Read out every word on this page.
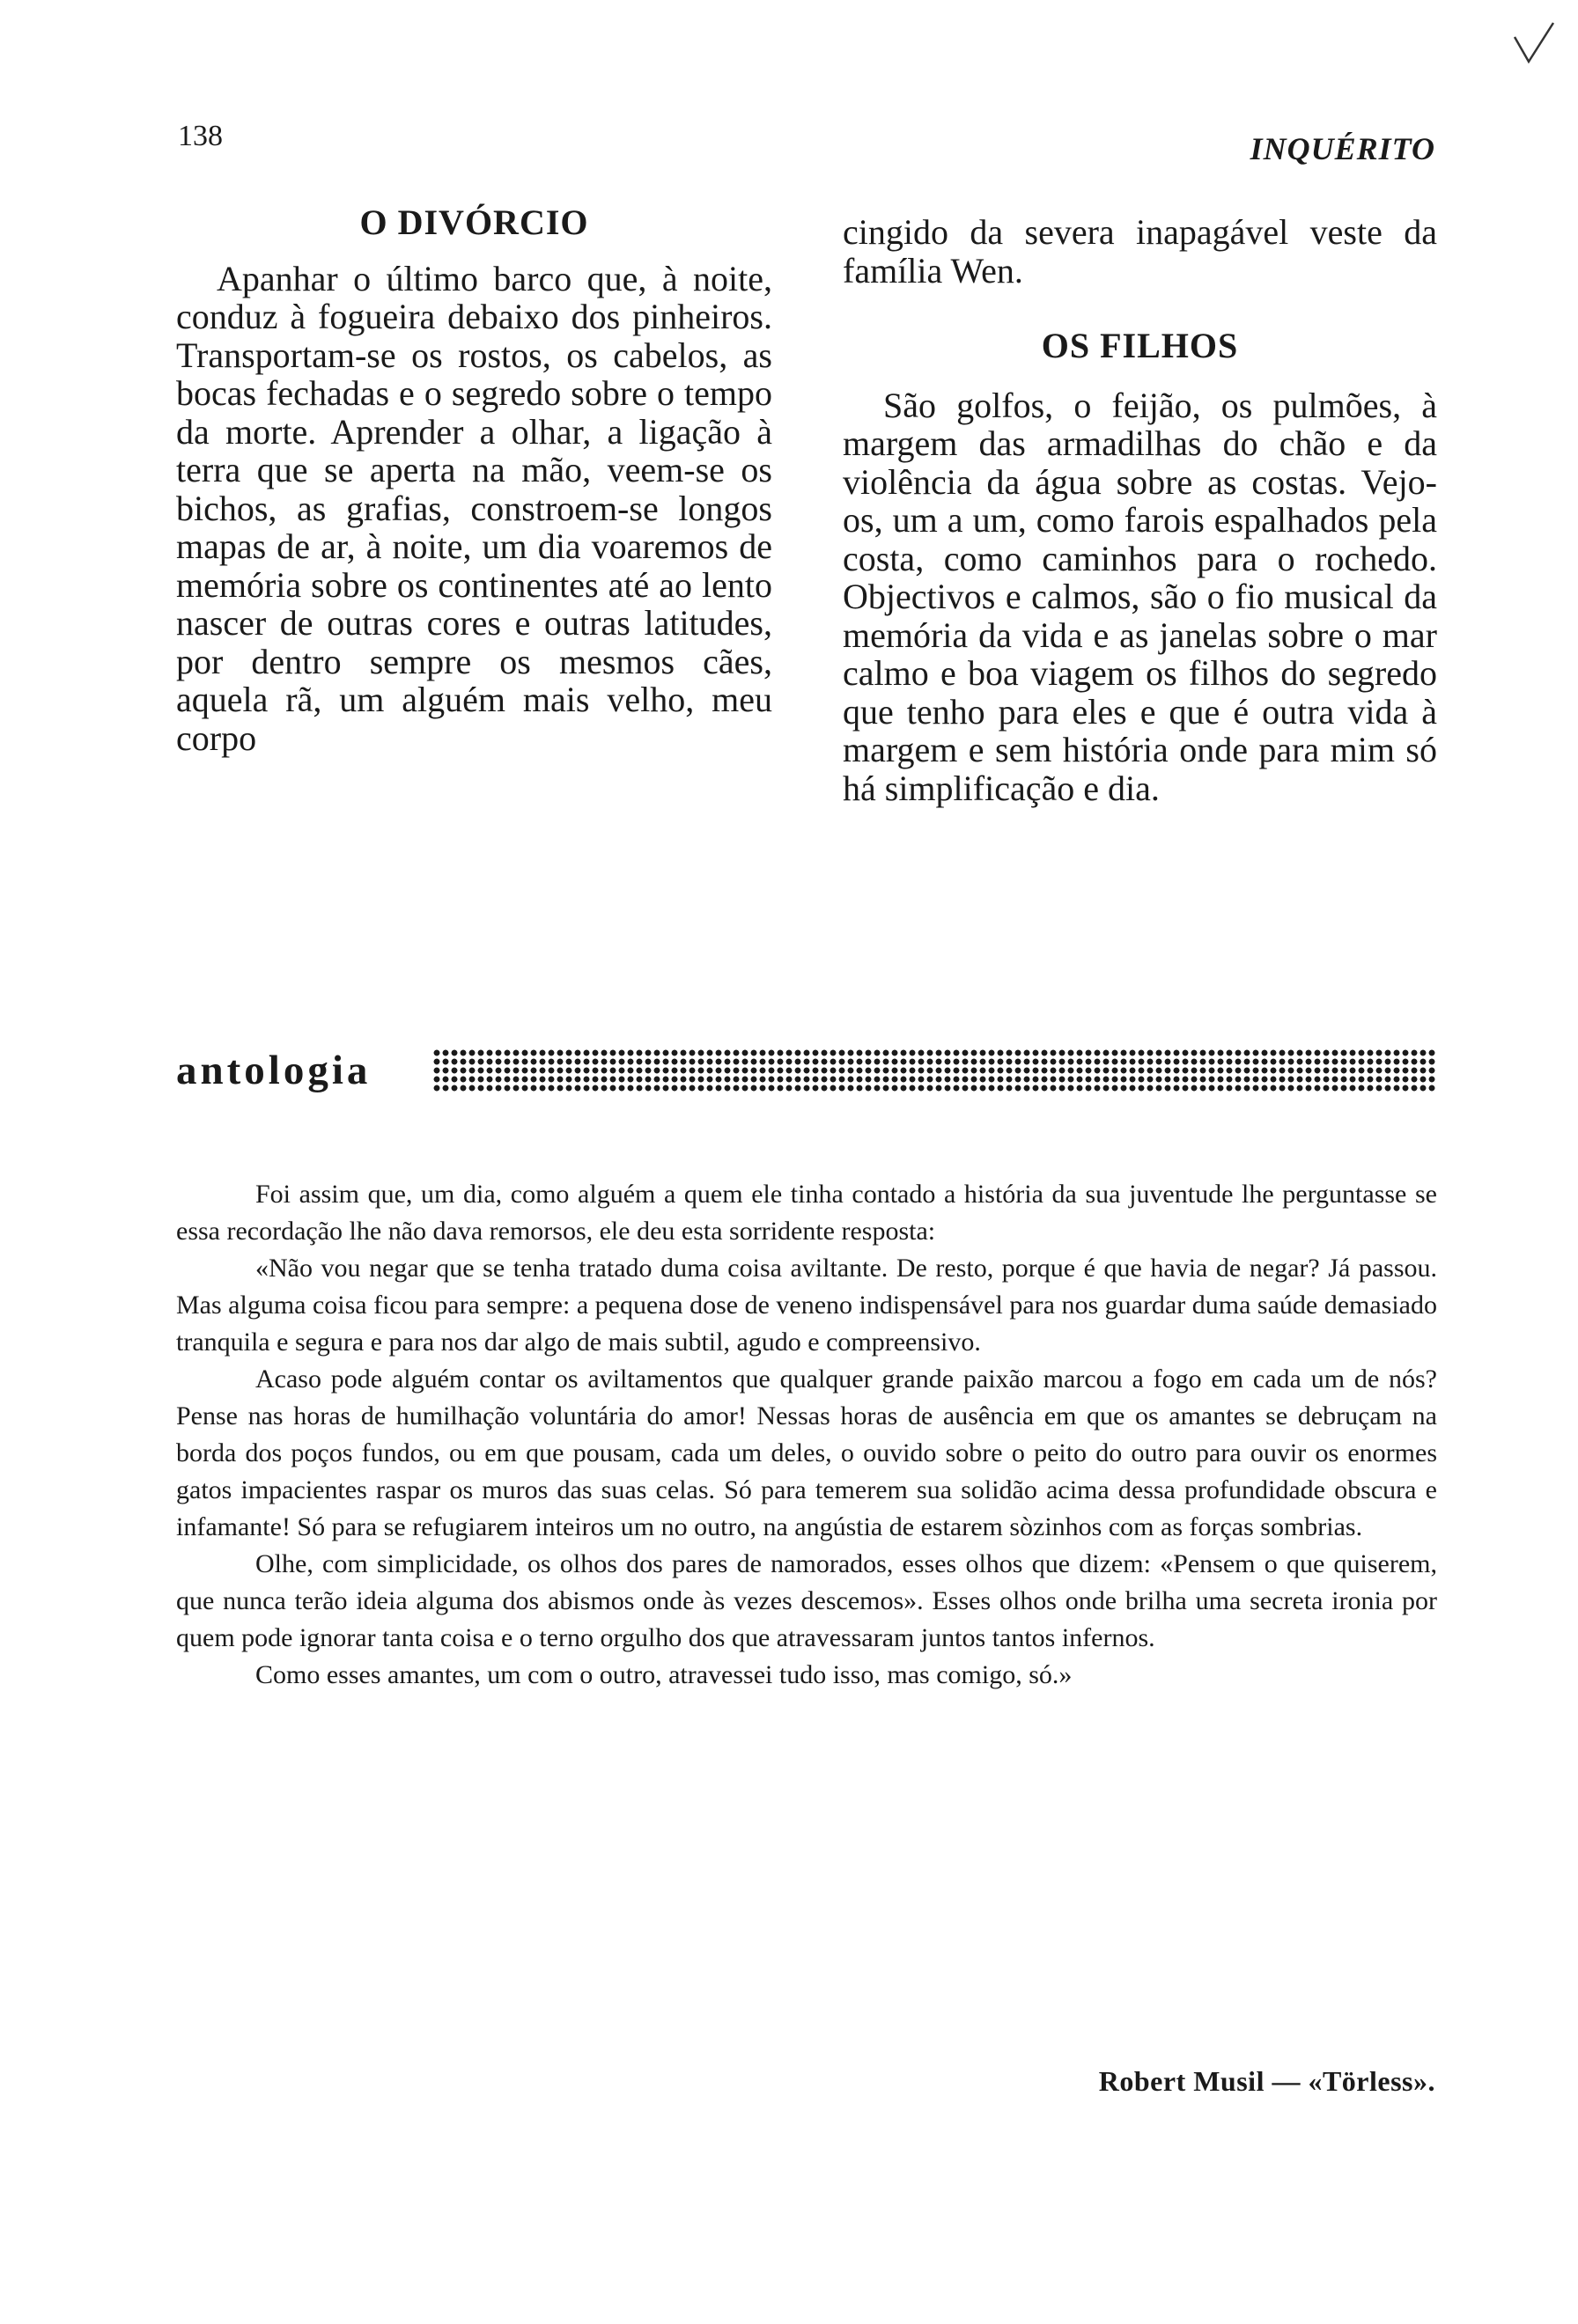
138	INQUÉRITO
O DIVÓRCIO

Apanhar o último barco que, à noite, conduz à fogueira debaixo dos pinheiros. Transportam-se os rostos, os cabelos, as bocas fechadas e o segredo sobre o tempo da morte. Aprender a olhar, a ligação à terra que se aperta na mão, veem-se os bichos, as grafias, constroem-se longos mapas de ar, à noite, um dia voaremos de memória sobre os continentes até ao lento nascer de outras cores e outras latitudes, por dentro sempre os mesmos cães, aquela rã, um alguém mais velho, meu corpo

cingido da severa inapagável veste da família Wen.

OS FILHOS

São golfos, o feijão, os pulmões, à margem das armadilhas do chão e da violência da água sobre as costas. Vejo-os, um a um, como farois espalhados pela costa, como caminhos para o rochedo. Objectivos e calmos, são o fio musical da memória da vida e as janelas sobre o mar calmo e boa viagem os filhos do segredo que tenho para eles e que é outra vida à margem e sem história onde para mim só há simplificação e dia.

antologia

Foi assim que, um dia, como alguém a quem ele tinha contado a história da sua juventude lhe perguntasse se essa recordação lhe não dava remorsos, ele deu esta sorridente resposta:

«Não vou negar que se tenha tratado duma coisa aviltante. De resto, porque é que havia de negar? Já passou. Mas alguma coisa ficou para sempre: a pequena dose de veneno indispensável para nos guardar duma saúde demasiado tranquila e segura e para nos dar algo de mais subtil, agudo e compreensivo.

Acaso pode alguém contar os aviltamentos que qualquer grande paixão marcou a fogo em cada um de nós? Pense nas horas de humilhação voluntária do amor! Nessas horas de ausência em que os amantes se debruçam na borda dos poços fundos, ou em que pousam, cada um deles, o ouvido sobre o peito do outro para ouvir os enormes gatos impacientes raspar os muros das suas celas. Só para temerem sua solidão acima dessa profundidade obscura e infamante! Só para se refugiarem inteiros um no outro, na angústia de estarem sòzinhos com as forças sombrias.

Olhe, com simplicidade, os olhos dos pares de namorados, esses olhos que dizem: «Pensem o que quiserem, que nunca terão ideia alguma dos abismos onde às vezes descemos». Esses olhos onde brilha uma secreta ironia por quem pode ignorar tanta coisa e o terno orgulho dos que atravessaram juntos tantos infernos.

Como esses amantes, um com o outro, atravessei tudo isso, mas comigo, só.»

Robert Musil — «Törless».
